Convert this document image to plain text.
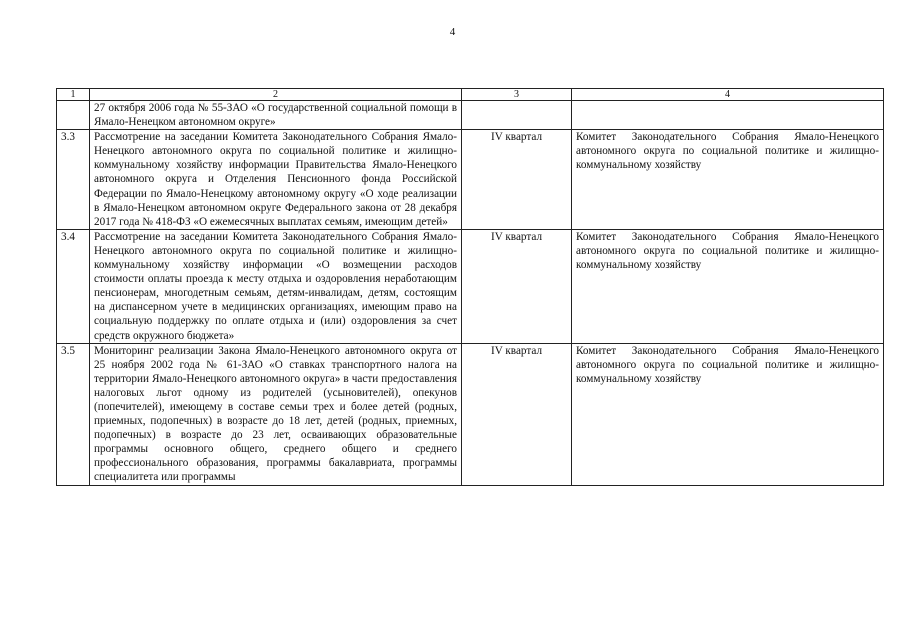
4
1	2	3	4
	27 октября 2006 года № 55-ЗАО «О государственной социальной помощи в Ямало-Ненецком автономном округе»		
3.3	Рассмотрение на заседании Комитета Законодательного Собрания Ямало-Ненецкого автономного округа по социальной политике и жилищно-коммунальному хозяйству информации Правительства Ямало-Ненецкого автономного округа и Отделения Пенсионного фонда Российской Федерации по Ямало-Ненецкому автономному округу «О ходе реализации в Ямало-Ненецком автономном округе Федерального закона от 28 декабря 2017 года № 418-ФЗ «О ежемесячных выплатах семьям, имеющим детей»	IV квартал	Комитет Законодательного Собрания Ямало-Ненецкого автономного округа по социальной политике и жилищно-коммунальному хозяйству
3.4	Рассмотрение на заседании Комитета Законодательного Собрания Ямало-Ненецкого автономного округа по социальной политике и жилищно-коммунальному хозяйству информации «О возмещении расходов стоимости оплаты проезда к месту отдыха и оздоровления неработающим пенсионерам, многодетным семьям, детям-инвалидам, детям, состоящим на диспансерном учете в медицинских организациях, имеющим право на социальную поддержку по оплате отдыха и (или) оздоровления за счет средств окружного бюджета»	IV квартал	Комитет Законодательного Собрания Ямало-Ненецкого автономного округа по социальной политике и жилищно-коммунальному хозяйству
3.5	Мониторинг реализации Закона Ямало-Ненецкого автономного округа от 25 ноября 2002 года № 61-ЗАО «О ставках транспортного налога на территории Ямало-Ненецкого автономного округа» в части предоставления налоговых льгот одному из родителей (усыновителей), опекунов (попечителей), имеющему в составе семьи трех и более детей (родных, приемных, подопечных) в возрасте до 18 лет, детей (родных, приемных, подопечных) в возрасте до 23 лет, осваивающих образовательные программы основного общего, среднего общего и среднего профессионального образования, программы бакалавриата, программы специалитета или программы	IV квартал	Комитет Законодательного Собрания Ямало-Ненецкого автономного округа по социальной политике и жилищно-коммунальному хозяйству
